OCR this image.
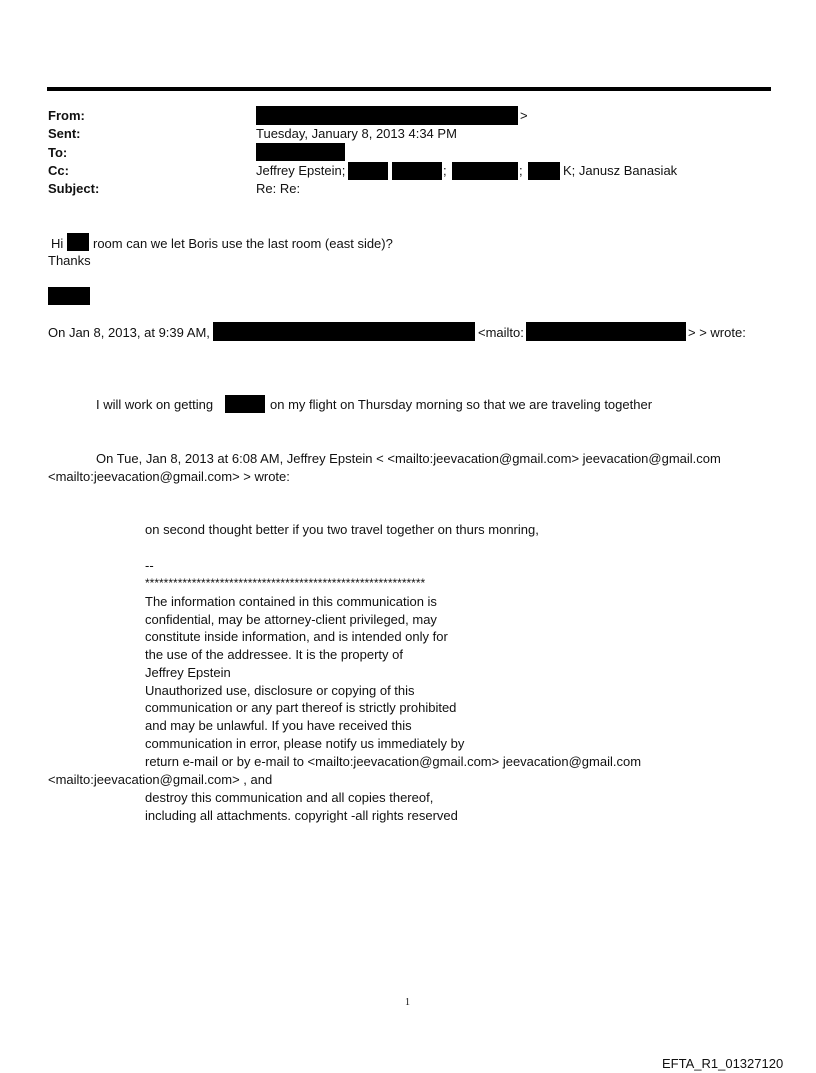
From:	>
Sent:	Tuesday, January 8, 2013 4:34 PM
To:
Cc:	Jeffrey Epstein;	;	;	K; Janusz Banasiak
Subject:	Re: Re:
Hi room can we let Boris use the last room (east side)?
Thanks
On Jan 8, 2013, at 9:39 AM,	<mailto:	> > wrote:
I will work on getting	on my flight on Thursday morning so that we are traveling together
On Tue, Jan 8, 2013 at 6:08 AM, Jeffrey Epstein < <mailto:jeevacation@gmail.com> jeevacation@gmail.com
<mailto:jeevacation@gmail.com> > wrote:
on second thought better if you two travel together on thurs monring,
--
************************************************************
The information contained in this communication is
confidential, may be attorney-client privileged, may
constitute inside information, and is intended only for
the use of the addressee. It is the property of
Jeffrey Epstein
Unauthorized use, disclosure or copying of this
communication or any part thereof is strictly prohibited
and may be unlawful. If you have received this
communication in error, please notify us immediately by
return e-mail or by e-mail to <mailto:jeevacation@gmail.com> jeevacation@gmail.com
<mailto:jeevacation@gmail.com> , and
destroy this communication and all copies thereof,
including all attachments. copyright -all rights reserved
1
EFTA_R1_01327120
